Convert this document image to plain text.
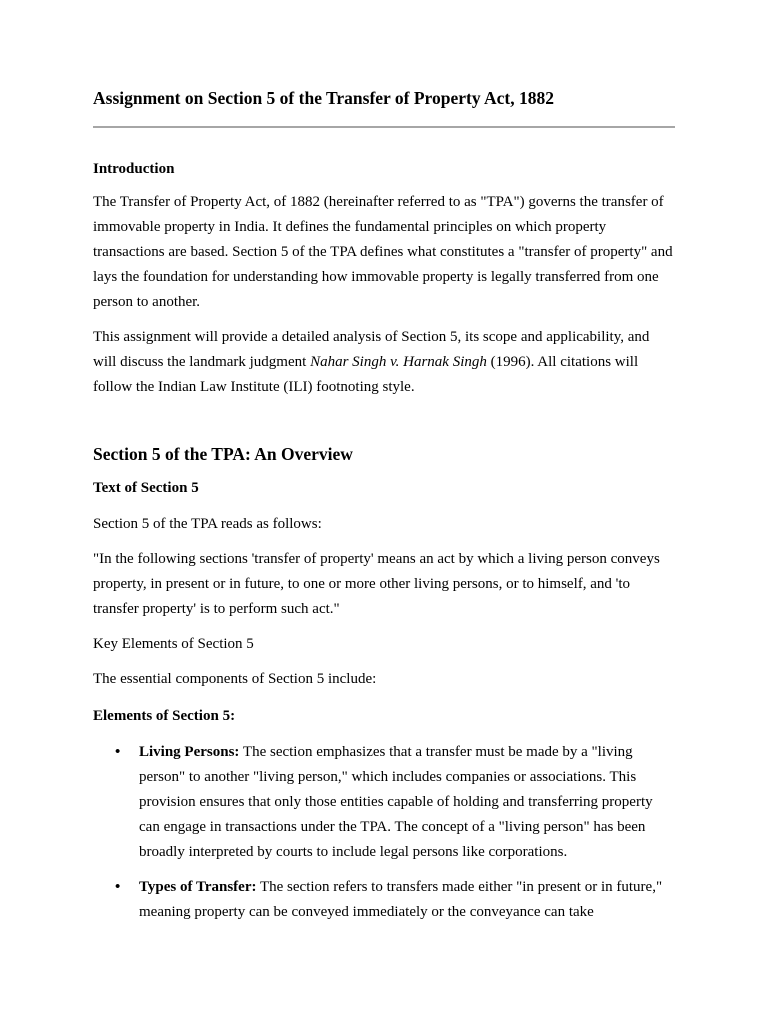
Assignment on Section 5 of the Transfer of Property Act, 1882
Introduction

The Transfer of Property Act, of 1882 (hereinafter referred to as "TPA") governs the transfer of immovable property in India. It defines the fundamental principles on which property transactions are based. Section 5 of the TPA defines what constitutes a "transfer of property" and lays the foundation for understanding how immovable property is legally transferred from one person to another.

This assignment will provide a detailed analysis of Section 5, its scope and applicability, and will discuss the landmark judgment Nahar Singh v. Harnak Singh (1996). All citations will follow the Indian Law Institute (ILI) footnoting style.

Section 5 of the TPA: An Overview
Text of Section 5

Section 5 of the TPA reads as follows:

"In the following sections 'transfer of property' means an act by which a living person conveys property, in present or in future, to one or more other living persons, or to himself, and 'to transfer property' is to perform such act."

Key Elements of Section 5

The essential components of Section 5 include:

Elements of Section 5:
• Living Persons: The section emphasizes that a transfer must be made by a "living person" to another "living person," which includes companies or associations. This provision ensures that only those entities capable of holding and transferring property can engage in transactions under the TPA. The concept of a "living person" has been broadly interpreted by courts to include legal persons like corporations.
• Types of Transfer: The section refers to transfers made either "in present or in future," meaning property can be conveyed immediately or the conveyance can take
